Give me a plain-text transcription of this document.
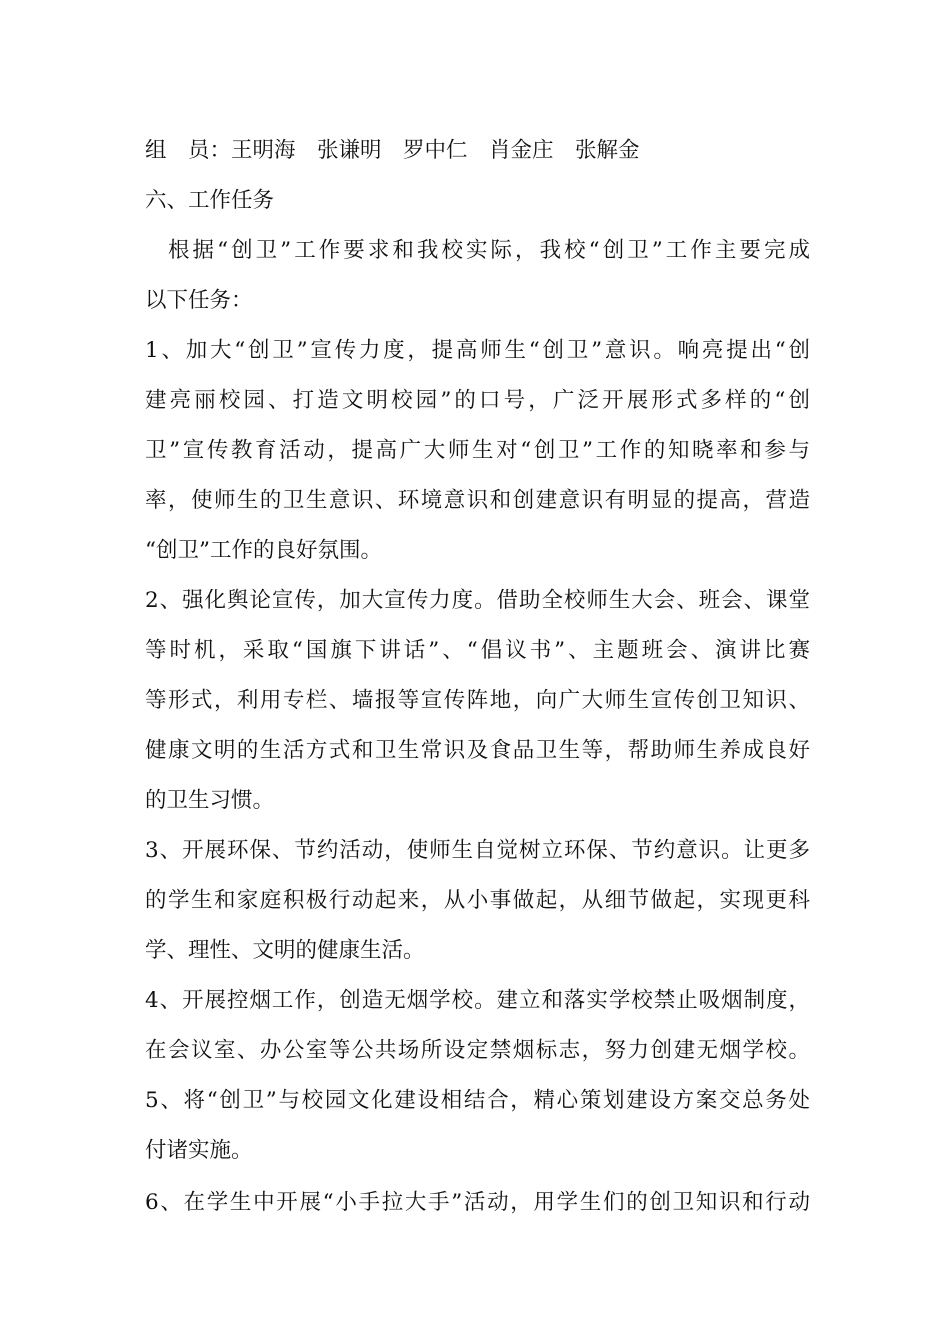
组　员：王明海　张谦明　罗中仁　肖金庄　张解金
六、工作任务
根据“创卫”工作要求和我校实际，我校“创卫”工作主要完成
以下任务：
1、加大“创卫”宣传力度，提高师生“创卫”意识。响亮提出“创
建亮丽校园、打造文明校园”的口号，广泛开展形式多样的“创
卫”宣传教育活动，提高广大师生对“创卫”工作的知晓率和参与
率，使师生的卫生意识、环境意识和创建意识有明显的提高，营造
“创卫”工作的良好氛围。
2、强化舆论宣传，加大宣传力度。借助全校师生大会、班会、课堂
等时机，采取“国旗下讲话”、“倡议书”、主题班会、演讲比赛
等形式，利用专栏、墙报等宣传阵地，向广大师生宣传创卫知识、
健康文明的生活方式和卫生常识及食品卫生等，帮助师生养成良好
的卫生习惯。
3、开展环保、节约活动，使师生自觉树立环保、节约意识。让更多
的学生和家庭积极行动起来，从小事做起，从细节做起，实现更科
学、理性、文明的健康生活。
4、开展控烟工作，创造无烟学校。建立和落实学校禁止吸烟制度，
在会议室、办公室等公共场所设定禁烟标志，努力创建无烟学校。
5、将“创卫”与校园文化建设相结合，精心策划建设方案交总务处
付诸实施。
6、在学生中开展“小手拉大手”活动，用学生们的创卫知识和行动
